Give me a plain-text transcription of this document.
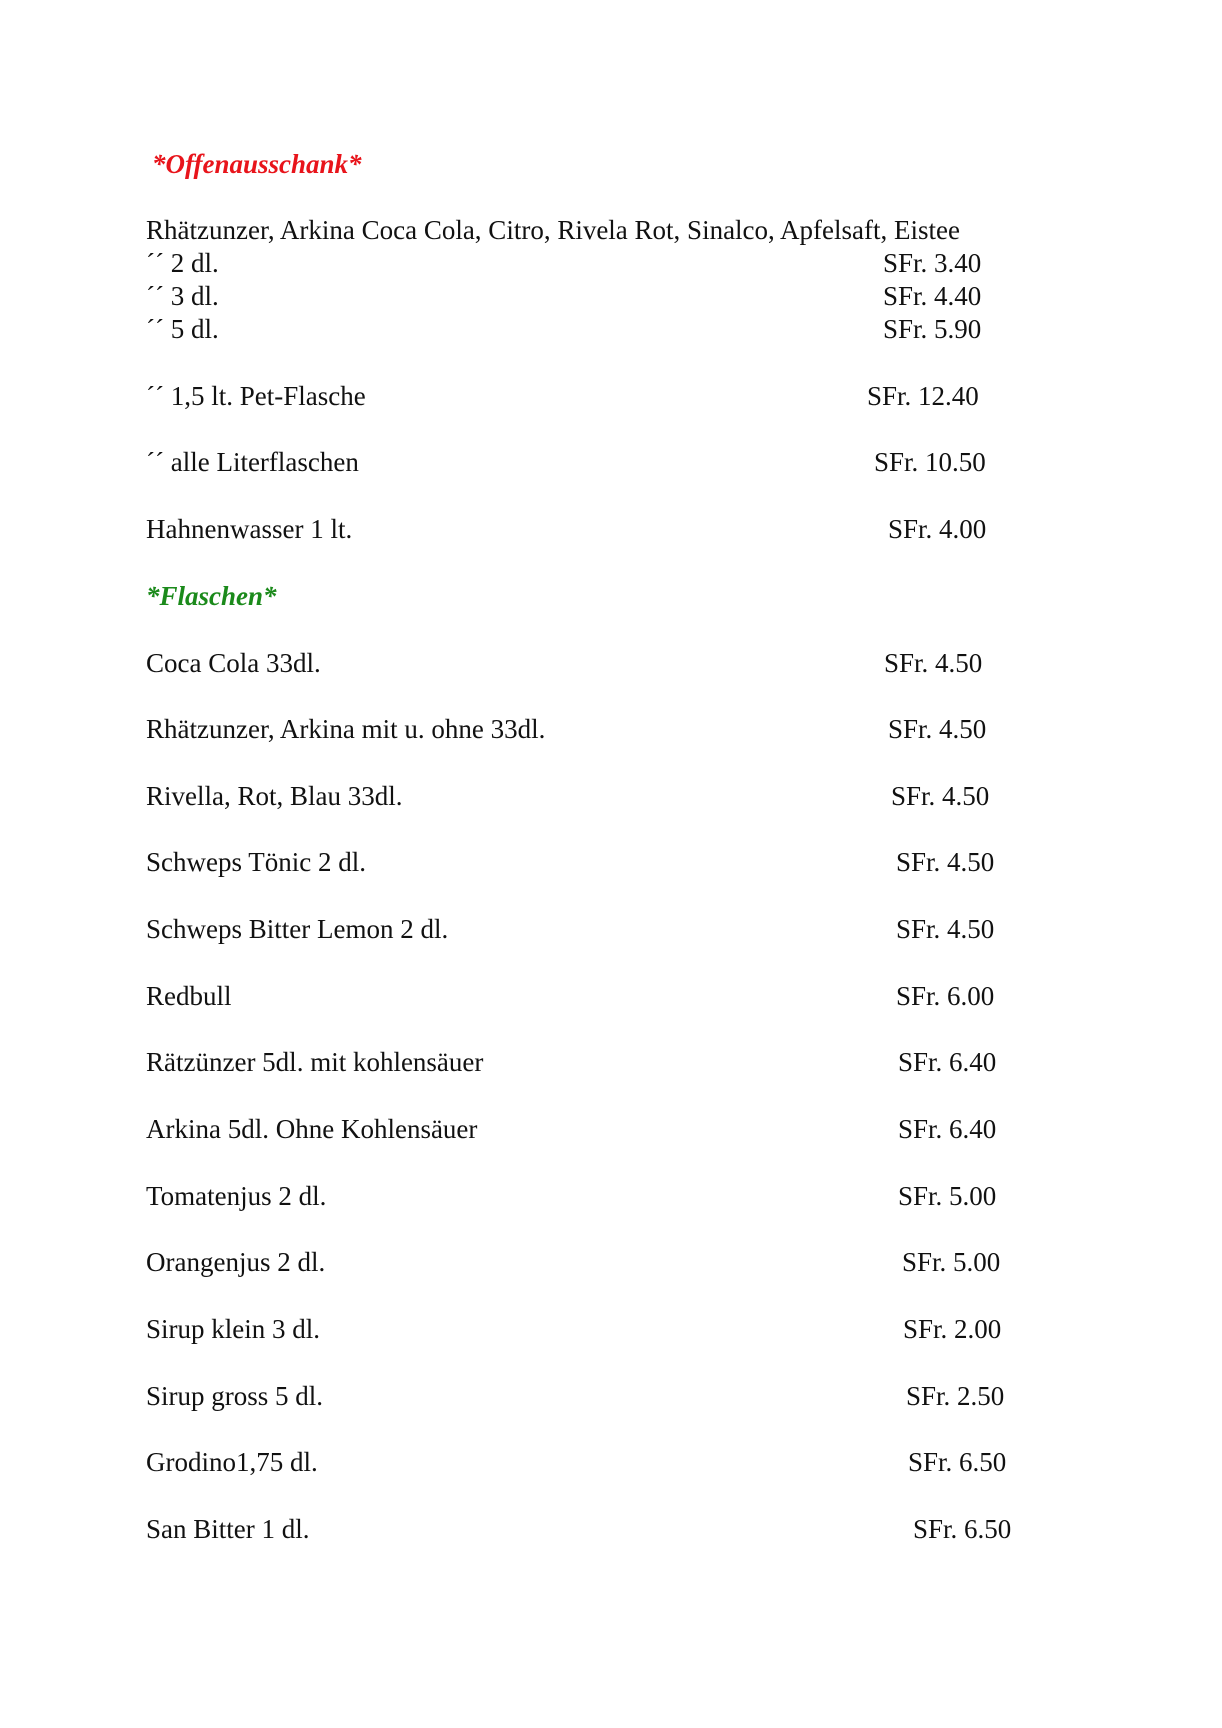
*Offenausschank*
Rhätzunzer, Arkina Coca Cola, Citro, Rivela Rot, Sinalco, Apfelsaft, Eistee
´´ 2 dl.	SFr. 3.40
´´ 3 dl.	SFr. 4.40
´´ 5 dl.	SFr. 5.90
´´ 1,5 lt. Pet-Flasche	SFr. 12.40
´´ alle Literflaschen	SFr. 10.50
Hahnenwasser 1 lt.	SFr. 4.00
*Flaschen*
Coca Cola 33dl.	SFr. 4.50
Rhätzunzer, Arkina mit u. ohne 33dl.	SFr. 4.50
Rivella, Rot, Blau 33dl.	SFr. 4.50
Schweps Tönic 2 dl.	SFr. 4.50
Schweps Bitter Lemon 2 dl.	SFr. 4.50
Redbull	SFr. 6.00
Rätzünzer 5dl. mit kohlensäuer	SFr. 6.40
Arkina 5dl. Ohne Kohlensäuer	SFr. 6.40
Tomatenjus 2 dl.	SFr. 5.00
Orangenjus 2 dl.	SFr. 5.00
Sirup klein 3 dl.	SFr. 2.00
Sirup gross 5 dl.	SFr. 2.50
Grodino1,75 dl.	SFr. 6.50
San Bitter 1 dl.	SFr. 6.50
